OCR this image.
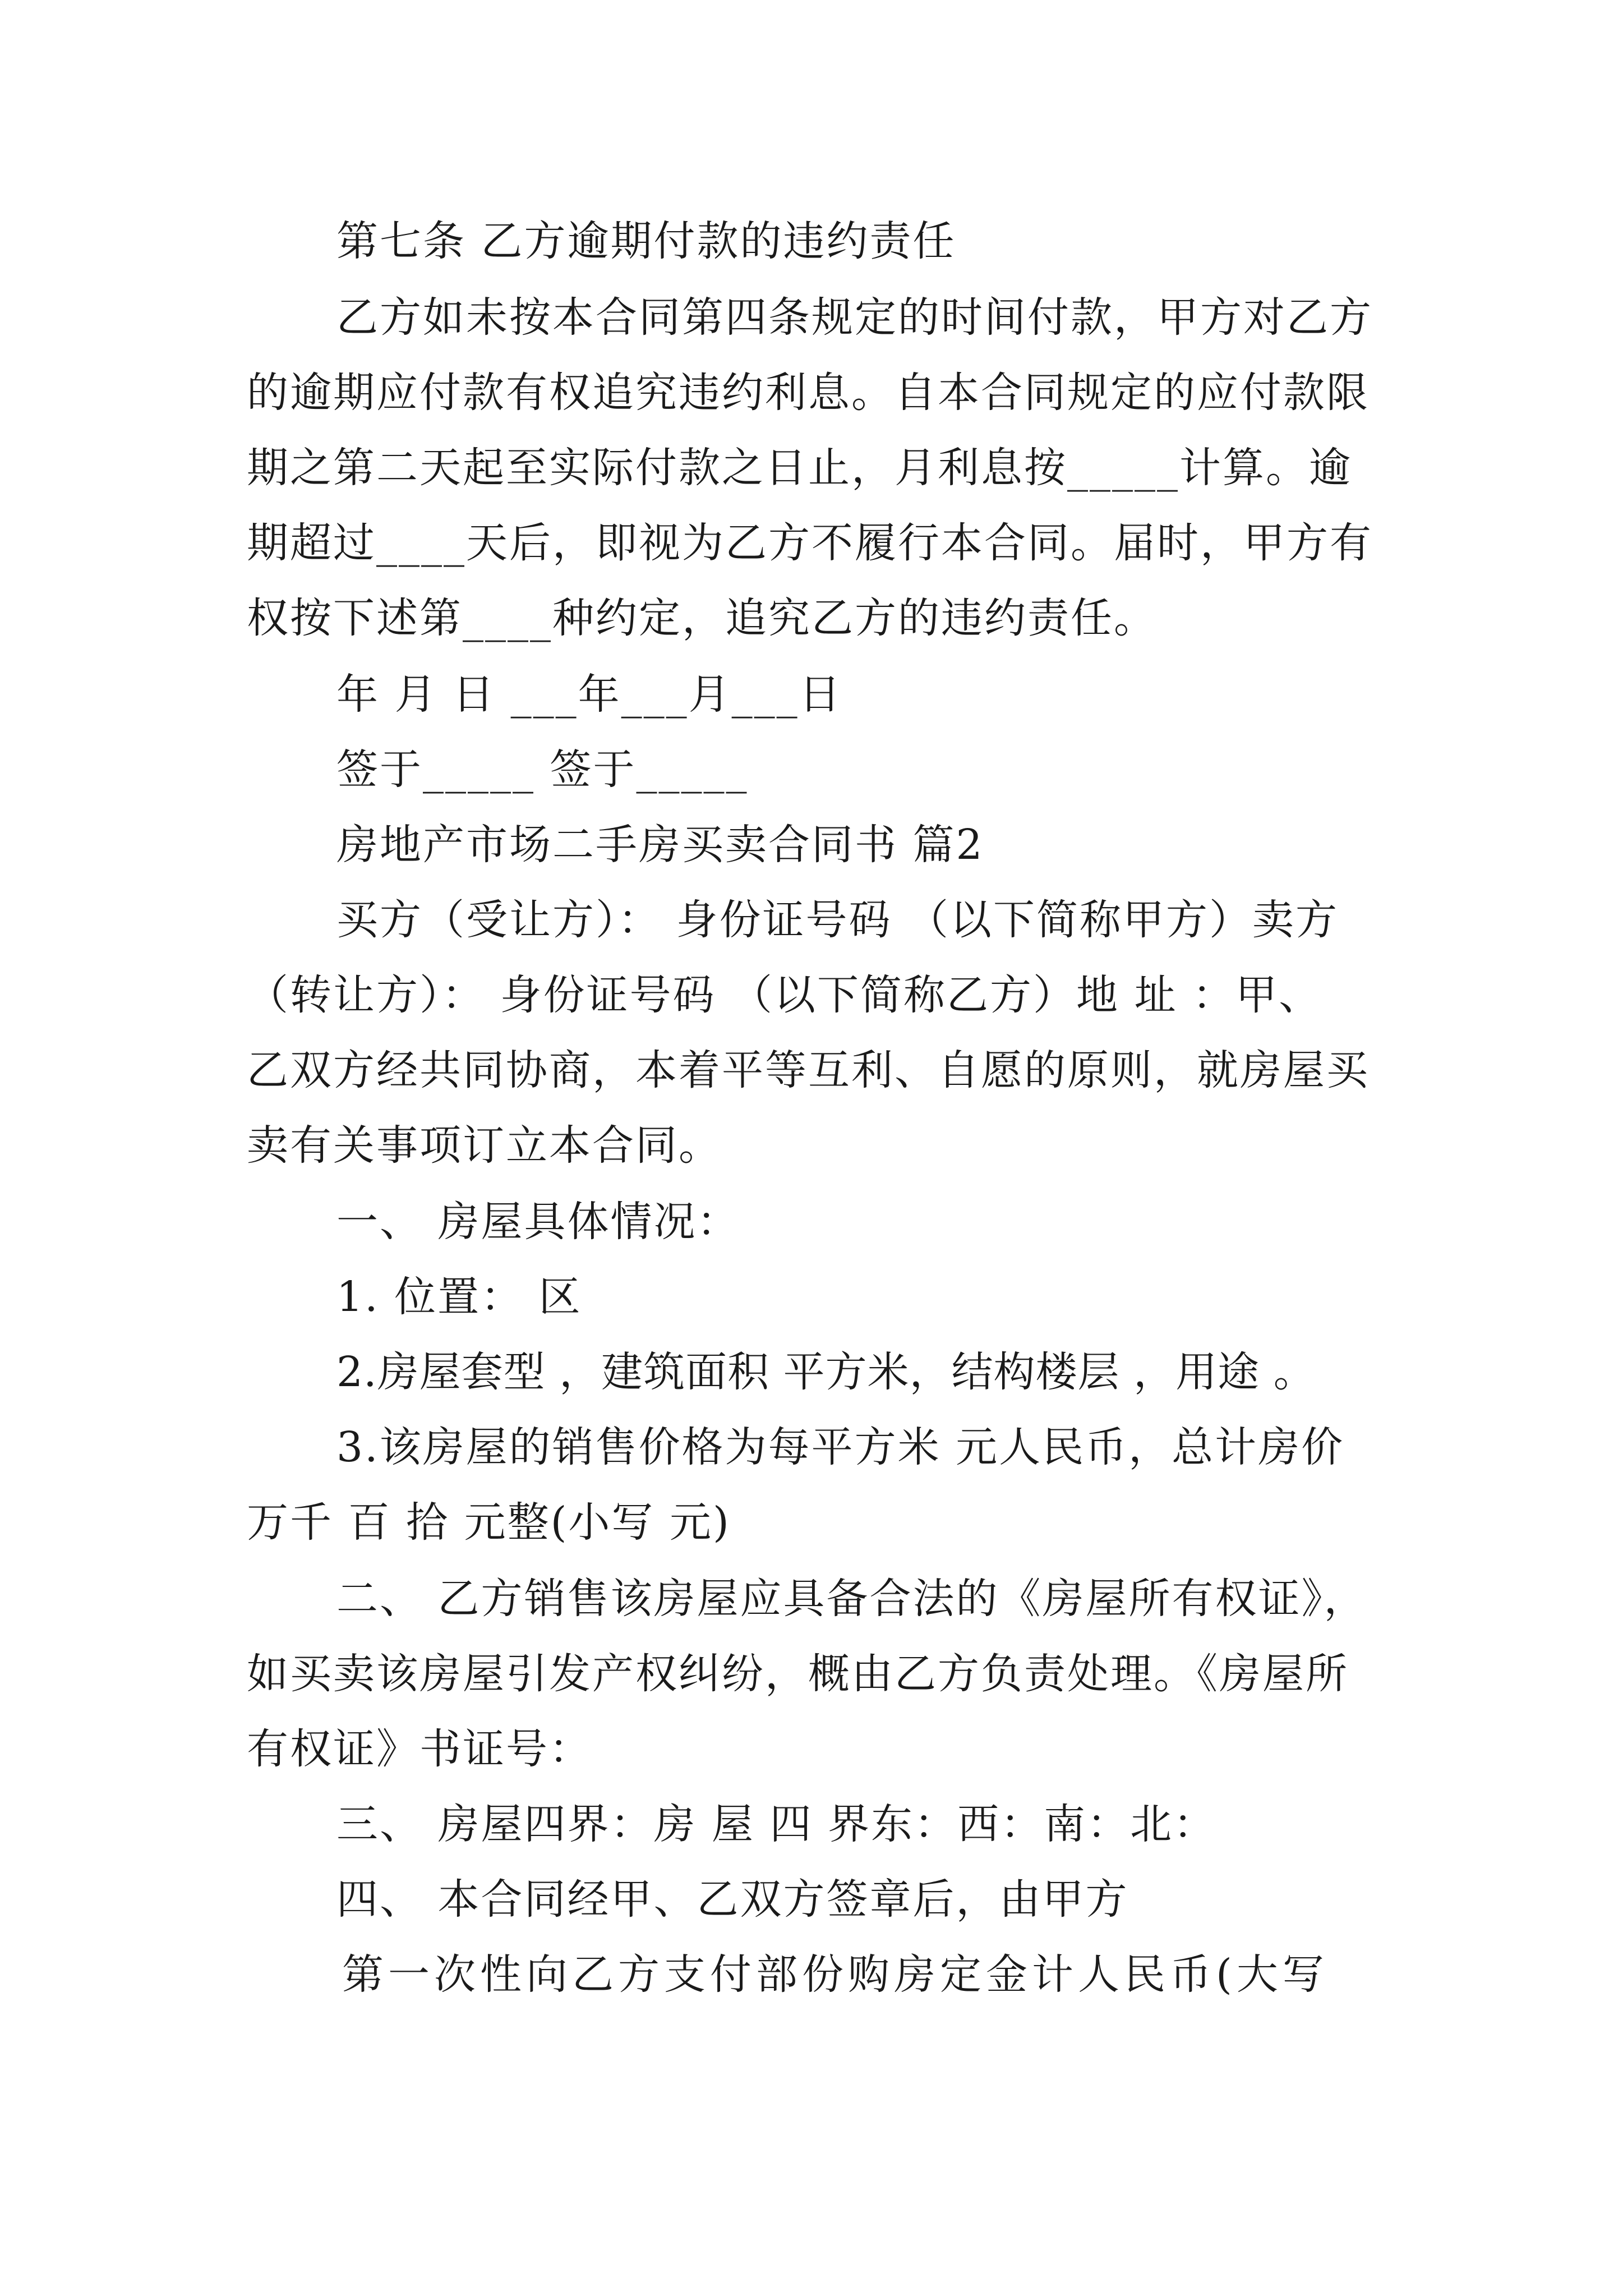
第七条 乙方逾期付款的违约责任
乙方如未按本合同第四条规定的时间付款，甲方对乙方
的逾期应付款有权追究违约利息。自本合同规定的应付款限
期之第二天起至实际付款之日止，月利息按_____计算。逾
期超过____天后，即视为乙方不履行本合同。届时，甲方有
权按下述第____种约定，追究乙方的违约责任。
年 月 日 ___年___月___日
签于_____ 签于_____
房地产市场二手房买卖合同书 篇2
买方（受让方）： 身份证号码 （以下简称甲方）卖方
（转让方）： 身份证号码 （以下简称乙方）地 址 ：甲、
乙双方经共同协商，本着平等互利、自愿的原则，就房屋买
卖有关事项订立本合同。
一、 房屋具体情况：
1. 位置： 区
2.房屋套型 ，建筑面积 平方米，结构楼层 ，用途 。
3.该房屋的销售价格为每平方米 元人民币，总计房价
万千 百 拾 元整(小写 元)
二、 乙方销售该房屋应具备合法的《房屋所有权证》，
如买卖该房屋引发产权纠纷，概由乙方负责处理。《房屋所
有权证》书证号：
三、 房屋四界：房 屋 四 界东：西：南：北：
四、 本合同经甲、乙双方签章后，由甲方
第一次性向乙方支付部份购房定金计人民币(大写
